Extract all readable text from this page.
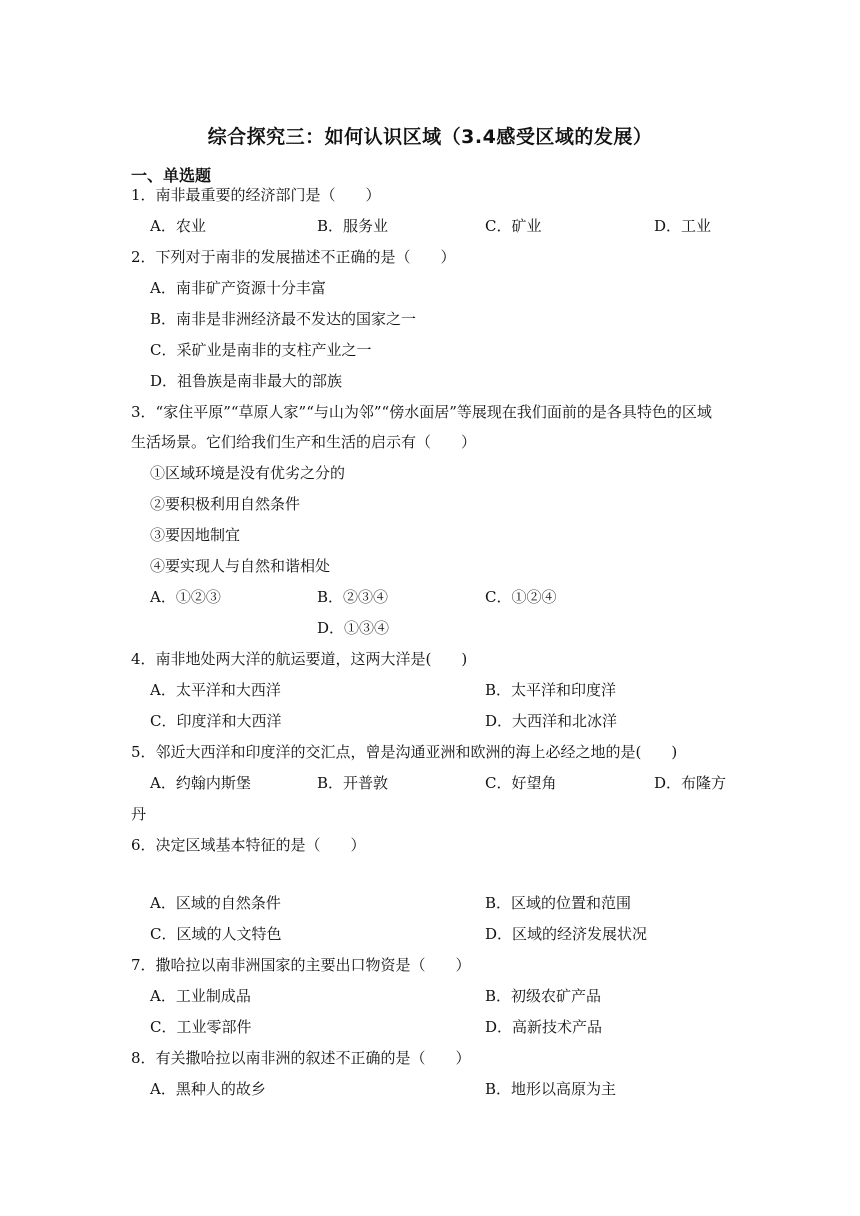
综合探究三：如何认识区域（3.4感受区域的发展）
一、单选题
1．南非最重要的经济部门是（　　）
A．农业	B．服务业	C．矿业	D．工业
2．下列对于南非的发展描述不正确的是（　　）
A．南非矿产资源十分丰富
B．南非是非洲经济最不发达的国家之一
C．采矿业是南非的支柱产业之一
D．祖鲁族是南非最大的部族
3．“家住平原”“草原人家”“与山为邻”“傍水面居”等展现在我们面前的是各具特色的区域
生活场景。它们给我们生产和生活的启示有（　　）
①区域环境是没有优劣之分的
②要积极利用自然条件
③要因地制宜
④要实现人与自然和谐相处
A．①②③	B．②③④	C．①②④
D．①③④
4．南非地处两大洋的航运要道，这两大洋是(　　)
A．太平洋和大西洋	B．太平洋和印度洋
C．印度洋和大西洋	D．大西洋和北冰洋
5．邻近大西洋和印度洋的交汇点，曾是沟通亚洲和欧洲的海上必经之地的是(　　)
A．约翰内斯堡	B．开普敦	C．好望角	D．布隆方
丹
6．决定区域基本特征的是（　　）
A．区域的自然条件	B．区域的位置和范围
C．区域的人文特色	D．区域的经济发展状况
7．撒哈拉以南非洲国家的主要出口物资是（　　）
A．工业制成品	B．初级农矿产品
C．工业零部件	D．高新技术产品
8．有关撒哈拉以南非洲的叙述不正确的是（　　）
A．黑种人的故乡	B．地形以高原为主
